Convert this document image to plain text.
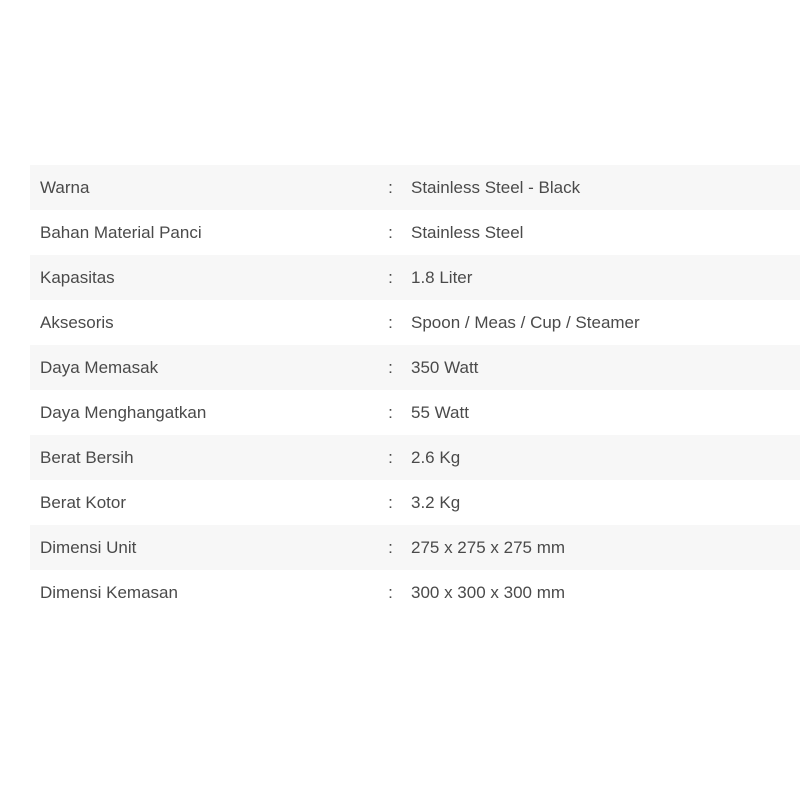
Warna	:	Stainless Steel - Black
Bahan Material Panci	:	Stainless Steel
Kapasitas	:	1.8 Liter
Aksesoris	:	Spoon / Meas / Cup / Steamer
Daya Memasak	:	350 Watt
Daya Menghangatkan	:	55 Watt
Berat Bersih	:	2.6 Kg
Berat Kotor	:	3.2 Kg
Dimensi Unit	:	275 x 275 x 275 mm
Dimensi Kemasan	:	300 x 300 x 300 mm
